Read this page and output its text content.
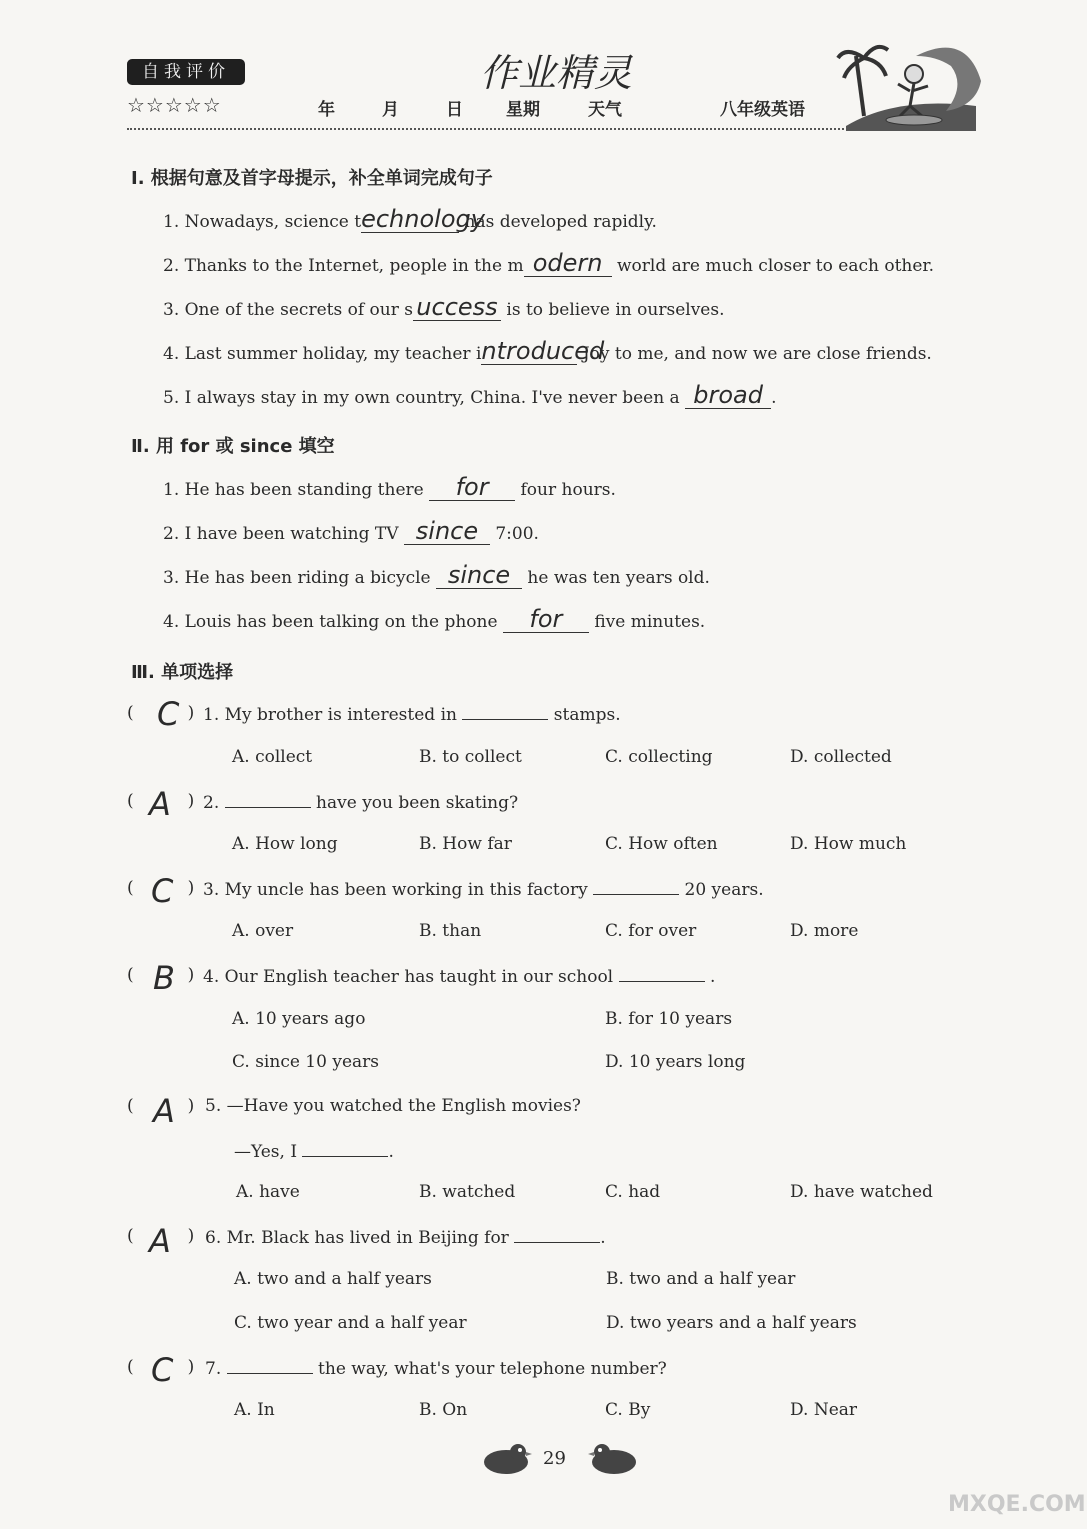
自我评价
☆☆☆☆☆
作业精灵
年	月	日	星期	天气	八年级英语
Ⅰ. 根据句意及首字母提示，补全单词完成句子
1. Nowadays, science technology has developed rapidly.
2. Thanks to the Internet, people in the m odern world are much closer to each other.
3. One of the secrets of our s uccess is to believe in ourselves.
4. Last summer holiday, my teacher introduced Joy to me, and now we are close friends.
5. I always stay in my own country, China. I've never been a broad .
Ⅱ. 用 for 或 since 填空
1. He has been standing there for four hours.
2. I have been watching TV since 7:00.
3. He has been riding a bicycle since he was ten years old.
4. Louis has been talking on the phone for five minutes.
Ⅲ. 单项选择
(	)
C 1. My brother is interested in	stamps.
A. collect	B. to collect	C. collecting	D. collected
(	)
A 2.	have you been skating?
A. How long	B. How far	C. How often	D. How much
(	)
C 3. My uncle has been working in this factory	20 years.
A. over	B. than	C. for over	D. more
(	)
B 4. Our English teacher has taught in our school	.
A. 10 years ago	B. for 10 years
C. since 10 years	D. 10 years long
(	)
A 5. —Have you watched the English movies?
—Yes, I	.
A. have	B. watched	C. had	D. have watched
(	)
A 6. Mr. Black has lived in Beijing for	.
A. two and a half years	B. two and a half year
C. two year and a half year	D. two years and a half years
(	)
C 7.	the way, what's your telephone number?
A. In	B. On	C. By	D. Near
29
MXQE.COM
